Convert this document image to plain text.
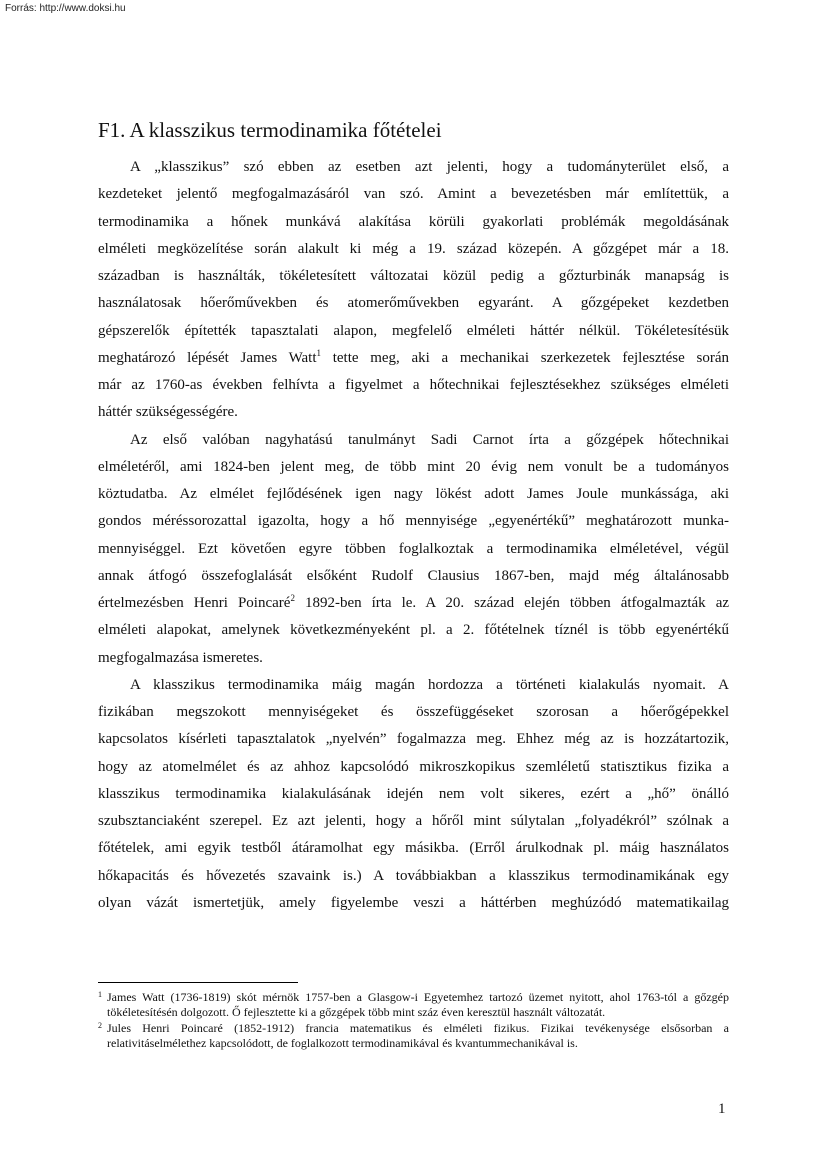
Forrás: http://www.doksi.hu
F1. A klasszikus termodinamika főtételei

A „klasszikus” szó ebben az esetben azt jelenti, hogy a tudományterület első, a
kezdeteket jelentő megfogalmazásáról van szó. Amint a bevezetésben már említettük, a
termodinamika a hőnek munkává alakítása körüli gyakorlati problémák megoldásának
elméleti megközelítése során alakult ki még a 19. század közepén. A gőzgépet már a 18.
században is használták, tökéletesített változatai közül pedig a gőzturbinák manapság is
használatosak hőerőművekben és atomerőművekben egyaránt. A gőzgépeket kezdetben
gépszerelők építették tapasztalati alapon, megfelelő elméleti háttér nélkül. Tökéletesítésük
meghatározó lépését James Watt$^1$ tette meg, aki a mechanikai szerkezetek fejlesztése során
már az 1760-as években felhívta a figyelmet a hőtechnikai fejlesztésekhez szükséges elméleti
háttér szükségességére.

Az első valóban nagyhatású tanulmányt Sadi Carnot írta a gőzgépek hőtechnikai
elméletéről, ami 1824-ben jelent meg, de több mint 20 évig nem vonult be a tudományos
köztudatba. Az elmélet fejlődésének igen nagy lökést adott James Joule munkássága, aki
gondos méréssorozattal igazolta, hogy a hő mennyisége „egyenértékű” meghatározott munka-
mennyiséggel. Ezt követően egyre többen foglalkoztak a termodinamika elméletével, végül
annak átfogó összefoglalását elsőként Rudolf Clausius 1867-ben, majd még általánosabb
értelmezésben Henri Poincaré$^2$ 1892-ben írta le. A 20. század elején többen átfogalmazták az
elméleti alapokat, amelynek következményeként pl. a 2. főtételnek tíznél is több egyenértékű
megfogalmazása ismeretes.

A klasszikus termodinamika máig magán hordozza a történeti kialakulás nyomait. A
fizikában megszokott mennyiségeket és összefüggéseket szorosan a hőerőgépekkel
kapcsolatos kísérleti tapasztalatok „nyelvén” fogalmazza meg. Ehhez még az is hozzátartozik,
hogy az atomelmélet és az ahhoz kapcsolódó mikroszkopikus szemléletű statisztikus fizika a
klasszikus termodinamika kialakulásának idején nem volt sikeres, ezért a „hő” önálló
szubsztanciaként szerepel. Ez azt jelenti, hogy a hőről mint súlytalan „folyadékról” szólnak a
főtételek, ami egyik testből átáramolhat egy másikba. (Erről árulkodnak pl. máig használatos
hőkapacitás és hővezetés szavaink is.) A továbbiakban a klasszikus termodinamikának egy
olyan vázát ismertetjük, amely figyelembe veszi a háttérben meghúzódó matematikailag

1 James Watt (1736-1819) skót mérnök 1757-ben a Glasgow-i Egyetemhez tartozó üzemet nyitott, ahol 1763-tól a gőzgép tökéletesítésén dolgozott. Ő fejlesztette ki a gőzgépek több mint száz éven keresztül használt változatát.
2 Jules Henri Poincaré (1852-1912) francia matematikus és elméleti fizikus. Fizikai tevékenysége elsősorban a relativitáselmélethez kapcsolódott, de foglalkozott termodinamikával és kvantummechanikával is.
1
